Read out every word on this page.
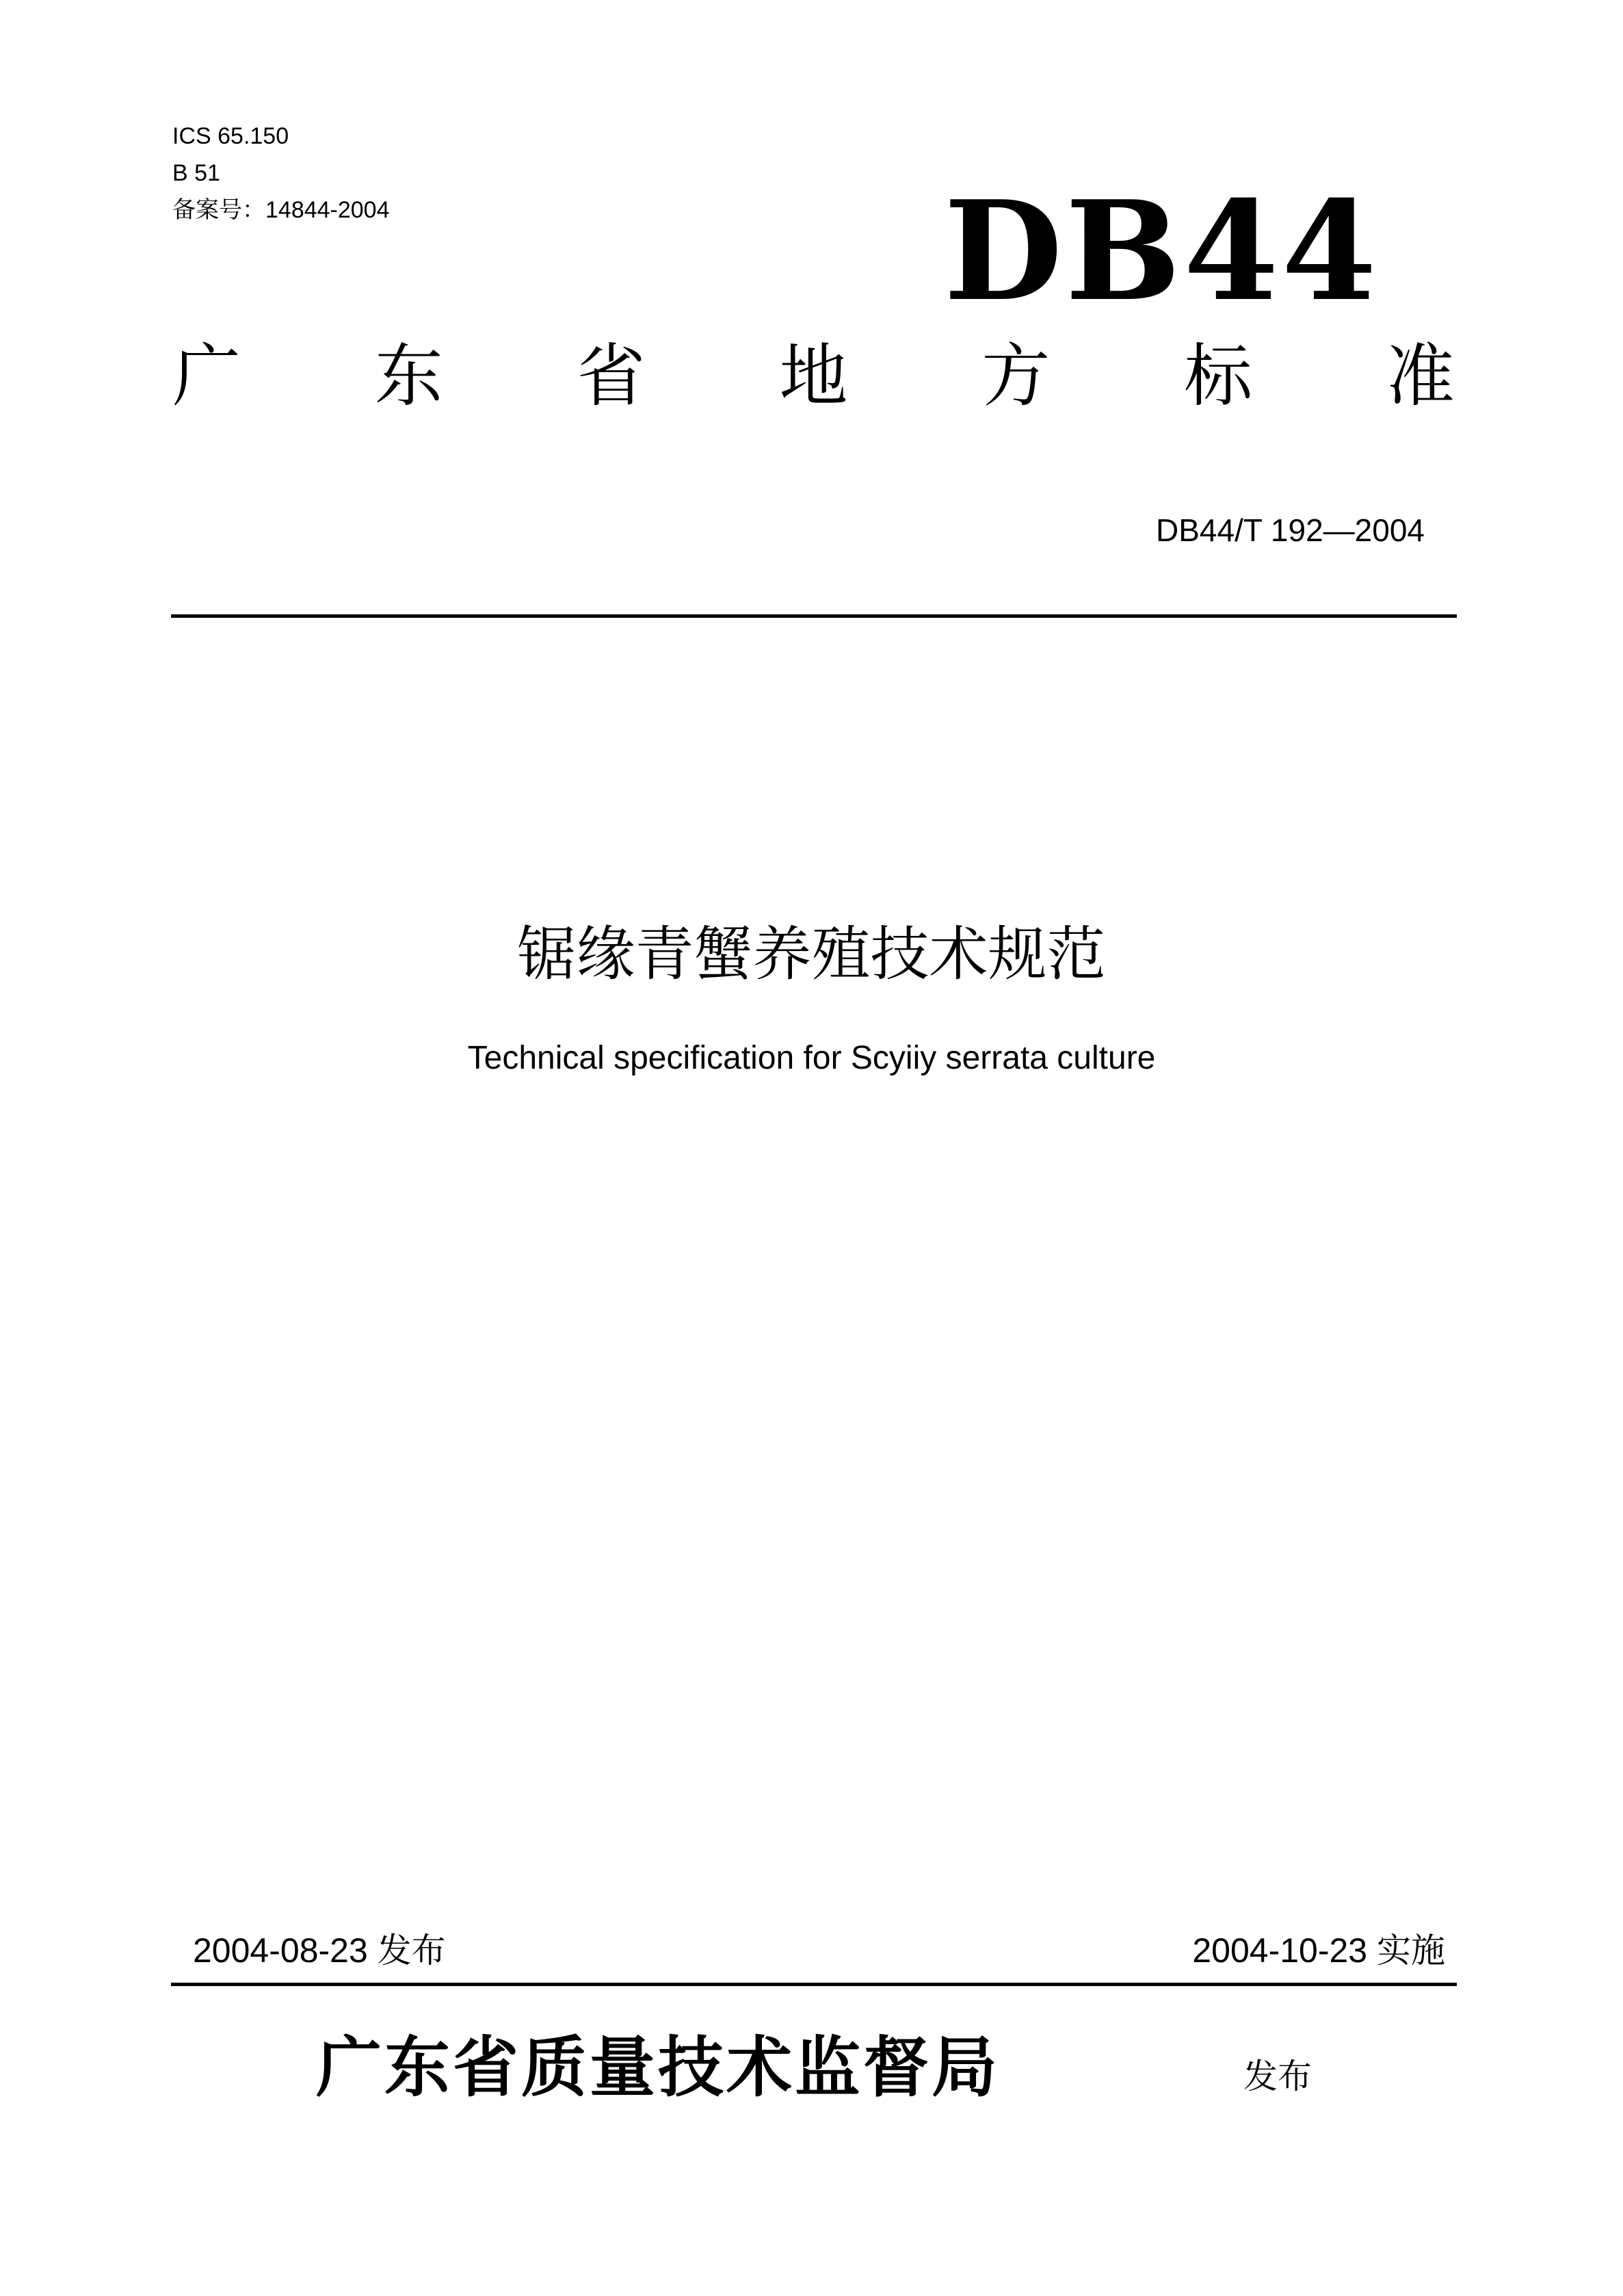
ICS 65.150
B 51
备案号：14844-2004	DB44
广 东 省 地 方 标 准
DB44/T 192—2004
锯缘青蟹养殖技术规范
Technical specification for Scyiiy serrata culture
2004-08-23 发布	2004-10-23 实施
广东省质量技术监督局	发布
